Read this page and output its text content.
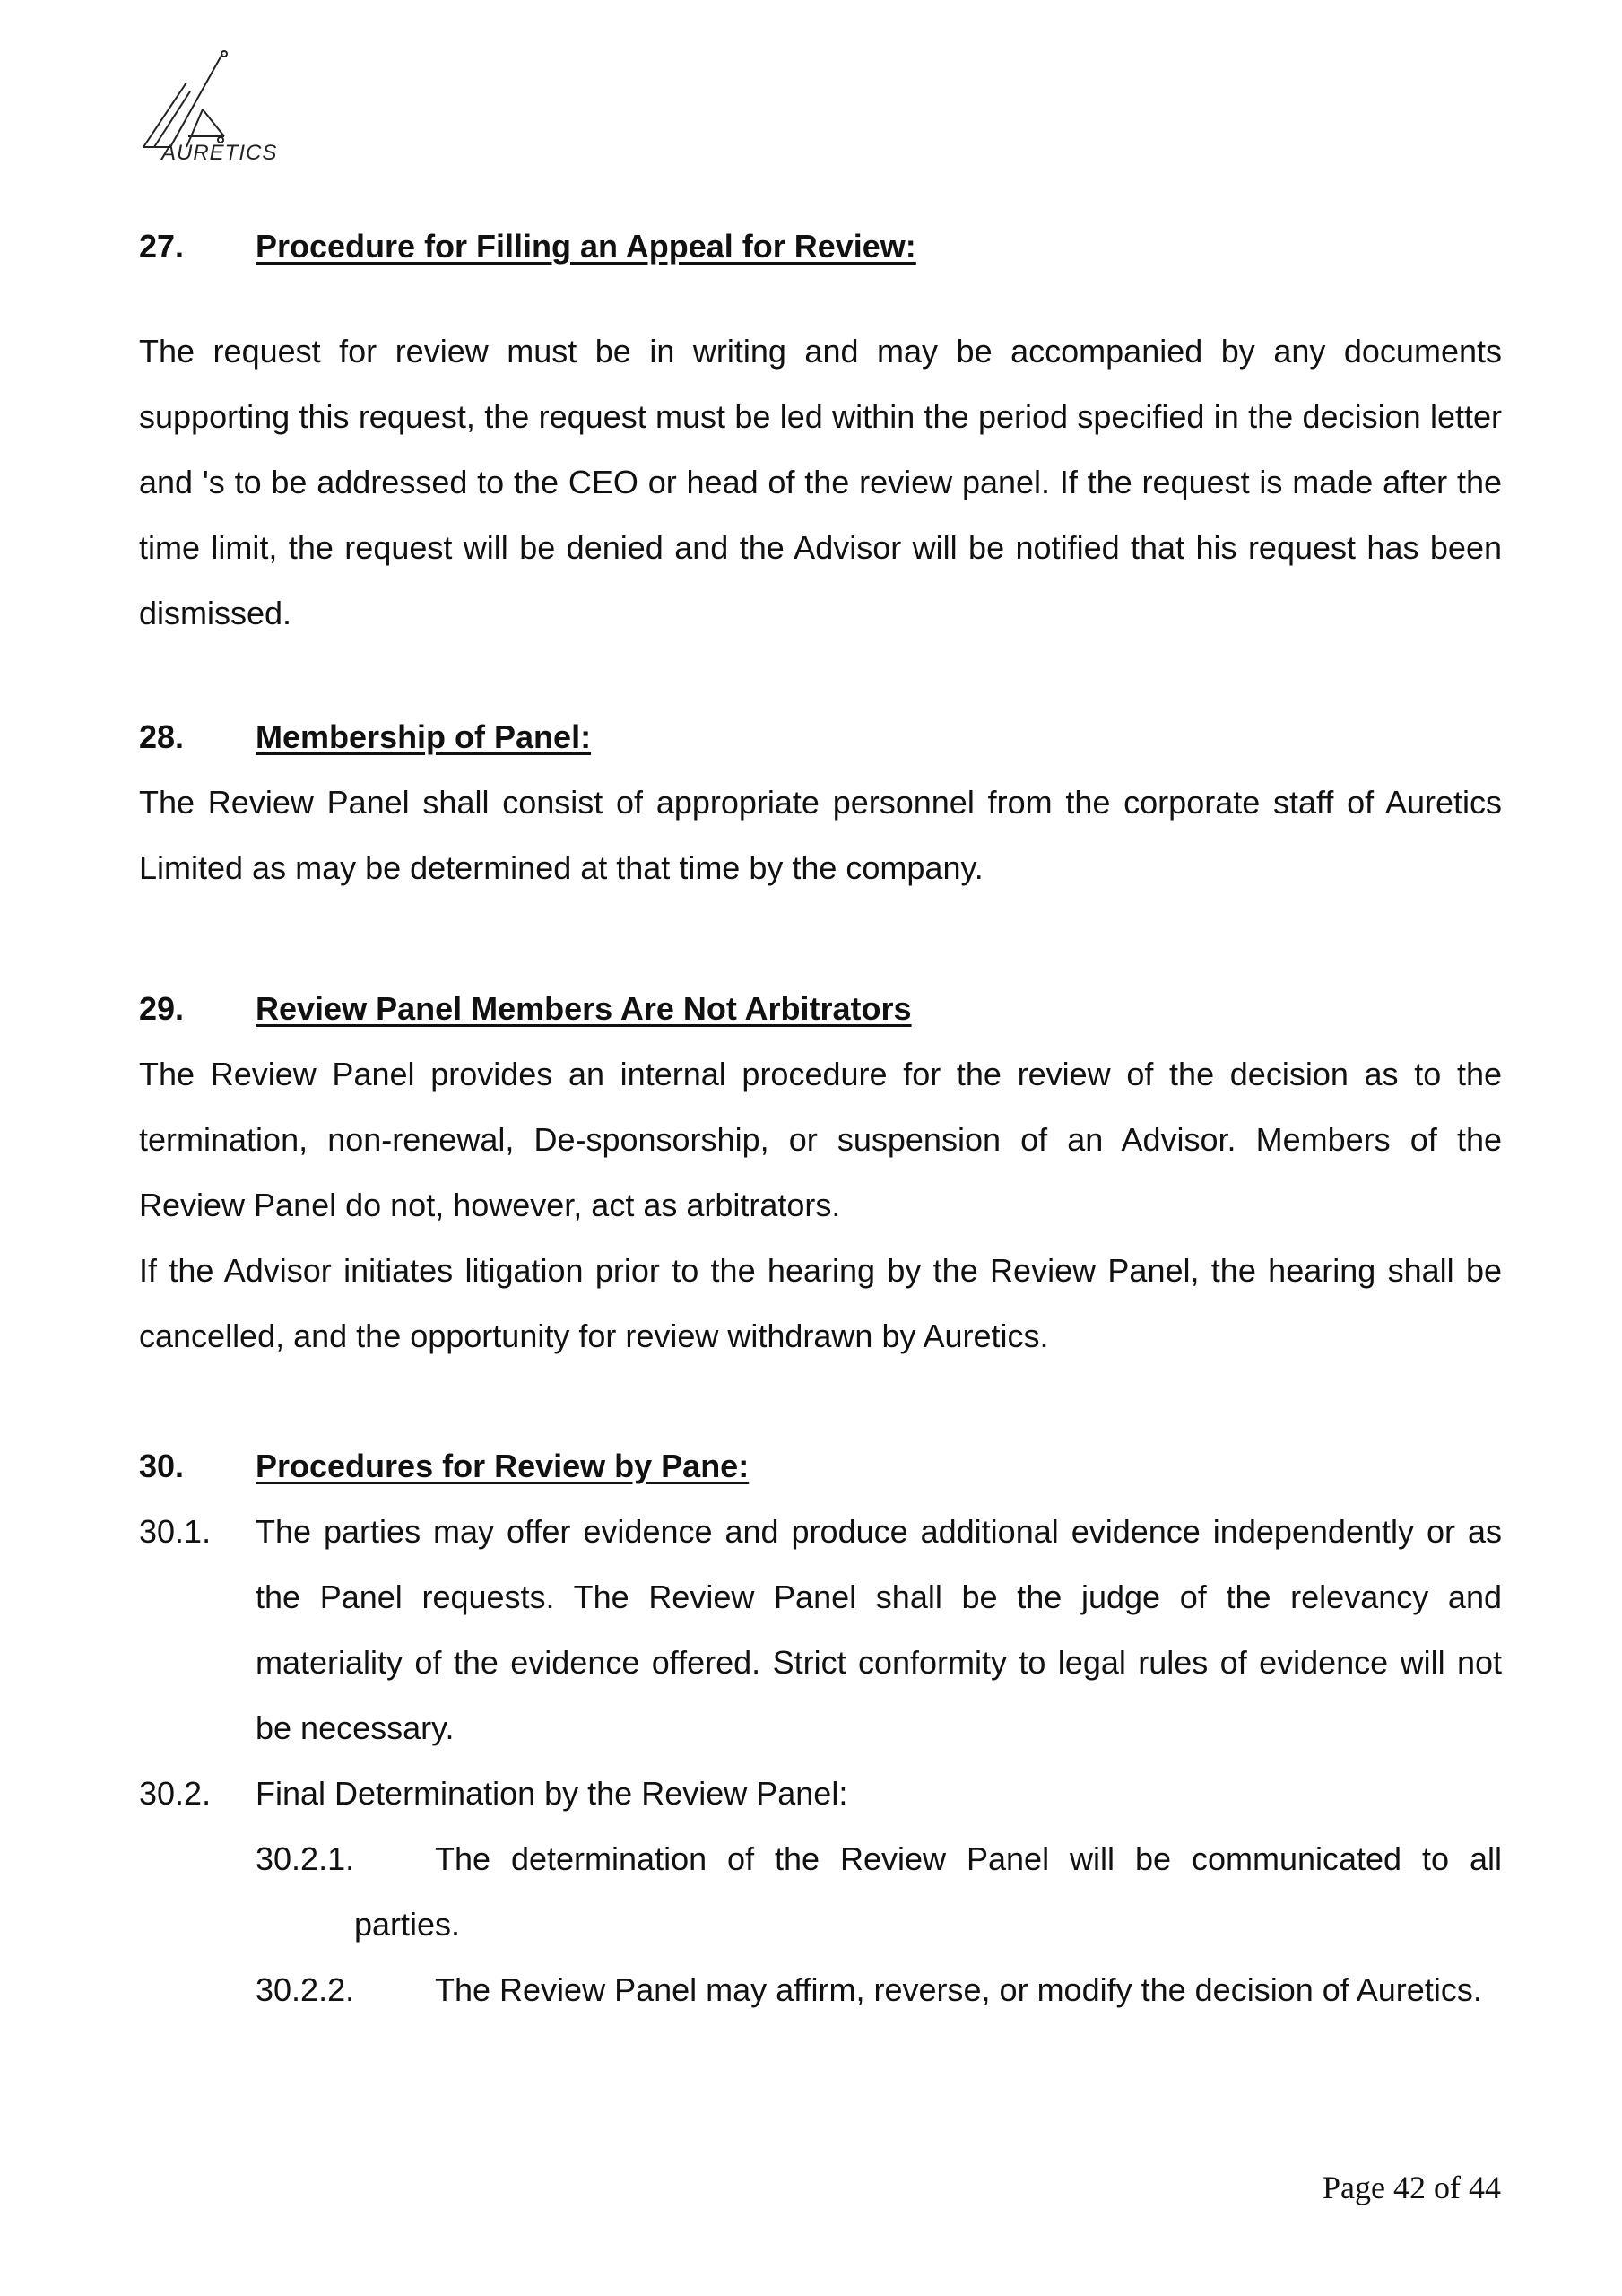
AURETICS
27. Procedure for Filling an Appeal for Review:

The request for review must be in writing and may be accompanied by any documents supporting this request, the request must be led within the period specified in the decision letter and 's to be addressed to the CEO or head of the review panel. If the request is made after the time limit, the request will be denied and the Advisor will be notified that his request has been dismissed.

28. Membership of Panel:

The Review Panel shall consist of appropriate personnel from the corporate staff of Auretics Limited as may be determined at that time by the company.

29. Review Panel Members Are Not Arbitrators

The Review Panel provides an internal procedure for the review of the decision as to the termination, non-renewal, De-sponsorship, or suspension of an Advisor. Members of the Review Panel do not, however, act as arbitrators.

If the Advisor initiates litigation prior to the hearing by the Review Panel, the hearing shall be cancelled, and the opportunity for review withdrawn by Auretics.

30. Procedures for Review by Pane:
30.1. The parties may offer evidence and produce additional evidence independently or as the Panel requests. The Review Panel shall be the judge of the relevancy and materiality of the evidence offered. Strict conformity to legal rules of evidence will not be necessary.

30.2. Final Determination by the Review Panel:

30.2.1. The determination of the Review Panel will be communicated to all

parties.
30.2.2. The Review Panel may affirm, reverse, or modify the decision of Auretics.

Page 42 of 44
